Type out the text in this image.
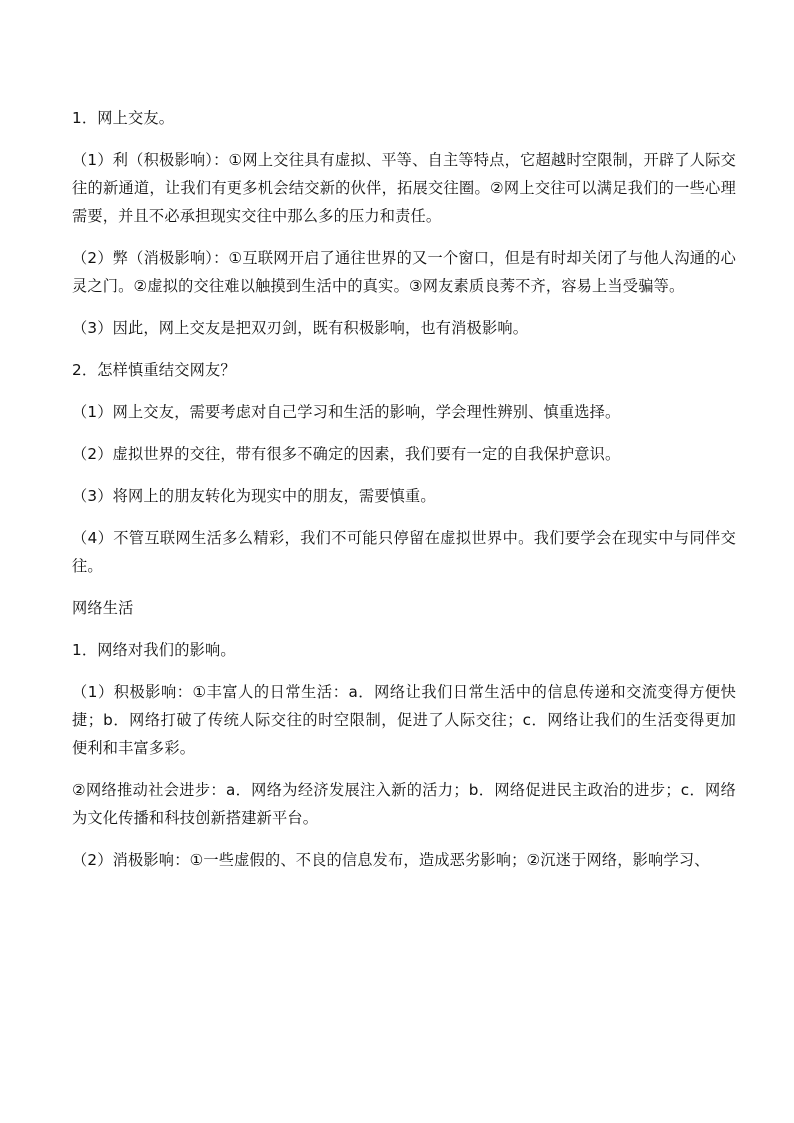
1．网上交友。

（1）利（积极影响）：①网上交往具有虚拟、平等、自主等特点，它超越时空限制，开辟了人际交往的新通道，让我们有更多机会结交新的伙伴，拓展交往圈。②网上交往可以满足我们的一些心理需要，并且不必承担现实交往中那么多的压力和责任。

（2）弊（消极影响）：①互联网开启了通往世界的又一个窗口，但是有时却关闭了与他人沟通的心灵之门。②虚拟的交往难以触摸到生活中的真实。③网友素质良莠不齐，容易上当受骗等。

（3）因此，网上交友是把双刃剑，既有积极影响，也有消极影响。

2．怎样慎重结交网友？

（1）网上交友，需要考虑对自己学习和生活的影响，学会理性辨别、慎重选择。

（2）虚拟世界的交往，带有很多不确定的因素，我们要有一定的自我保护意识。

（3）将网上的朋友转化为现实中的朋友，需要慎重。

（4）不管互联网生活多么精彩，我们不可能只停留在虚拟世界中。我们要学会在现实中与同伴交往。

网络生活

1．网络对我们的影响。

（1）积极影响：①丰富人的日常生活：a．网络让我们日常生活中的信息传递和交流变得方便快捷；b．网络打破了传统人际交往的时空限制，促进了人际交往；c．网络让我们的生活变得更加便利和丰富多彩。

②网络推动社会进步：a．网络为经济发展注入新的活力；b．网络促进民主政治的进步；c．网络为文化传播和科技创新搭建新平台。

（2）消极影响：①一些虚假的、不良的信息发布，造成恶劣影响；②沉迷于网络，影响学习、
